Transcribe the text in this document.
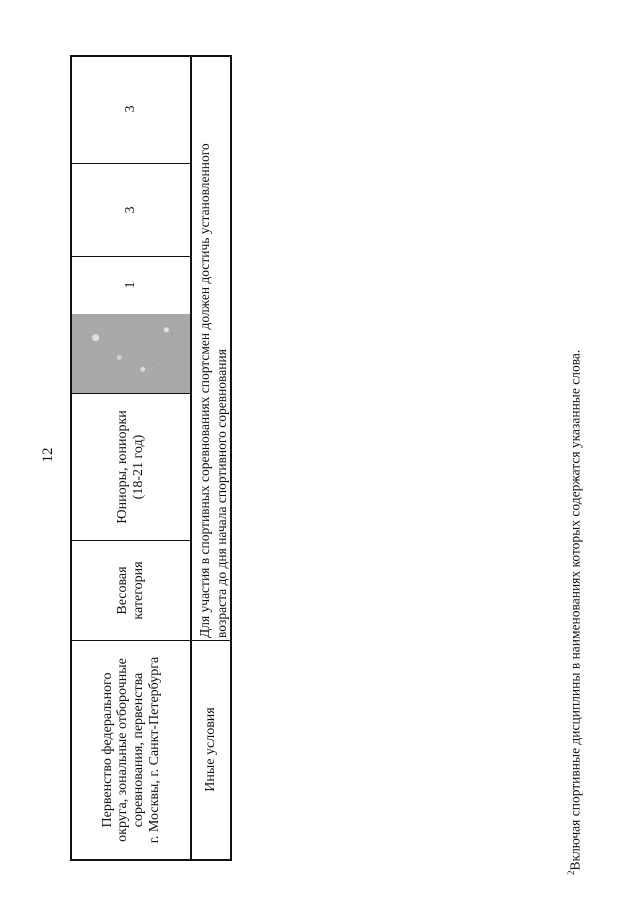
12
Первенство федерального округа, зональные отборочные соревнования, первенства г. Москвы, г. Санкт-Петербурга
Весовая категория
Юниоры, юниорки (18-21 год)
1
3
3
Иные условия
Для участия в спортивных соревнованиях спортсмен должен достичь установленного возраста до дня начала спортивного соревнования
$^2$Включая спортивные дисциплины в наименованиях которых содержатся указанные слова.
